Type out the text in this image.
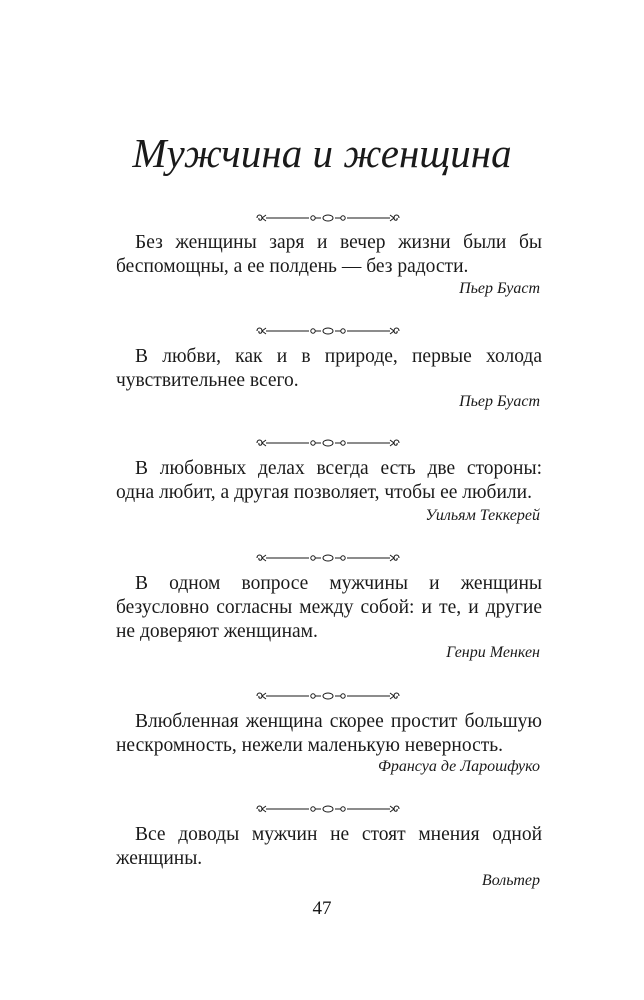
Мужчина и женщина

Без женщины заря и вечер жизни были бы беспомощны, а ее полдень — без радости.

Пьер Буаст

В любви, как и в природе, первые холода чувствительнее всего.

Пьер Буаст

В любовных делах всегда есть две стороны: одна любит, а другая позволяет, чтобы ее любили.

Уильям Теккерей

В одном вопросе мужчины и женщины безусловно согласны между собой: и те, и другие не доверяют женщинам.

Генри Менкен

Влюбленная женщина скорее простит большую нескромность, нежели маленькую неверность.

Франсуа де Ларошфуко

Все доводы мужчин не стоят мнения одной женщины.

Вольтер
47
